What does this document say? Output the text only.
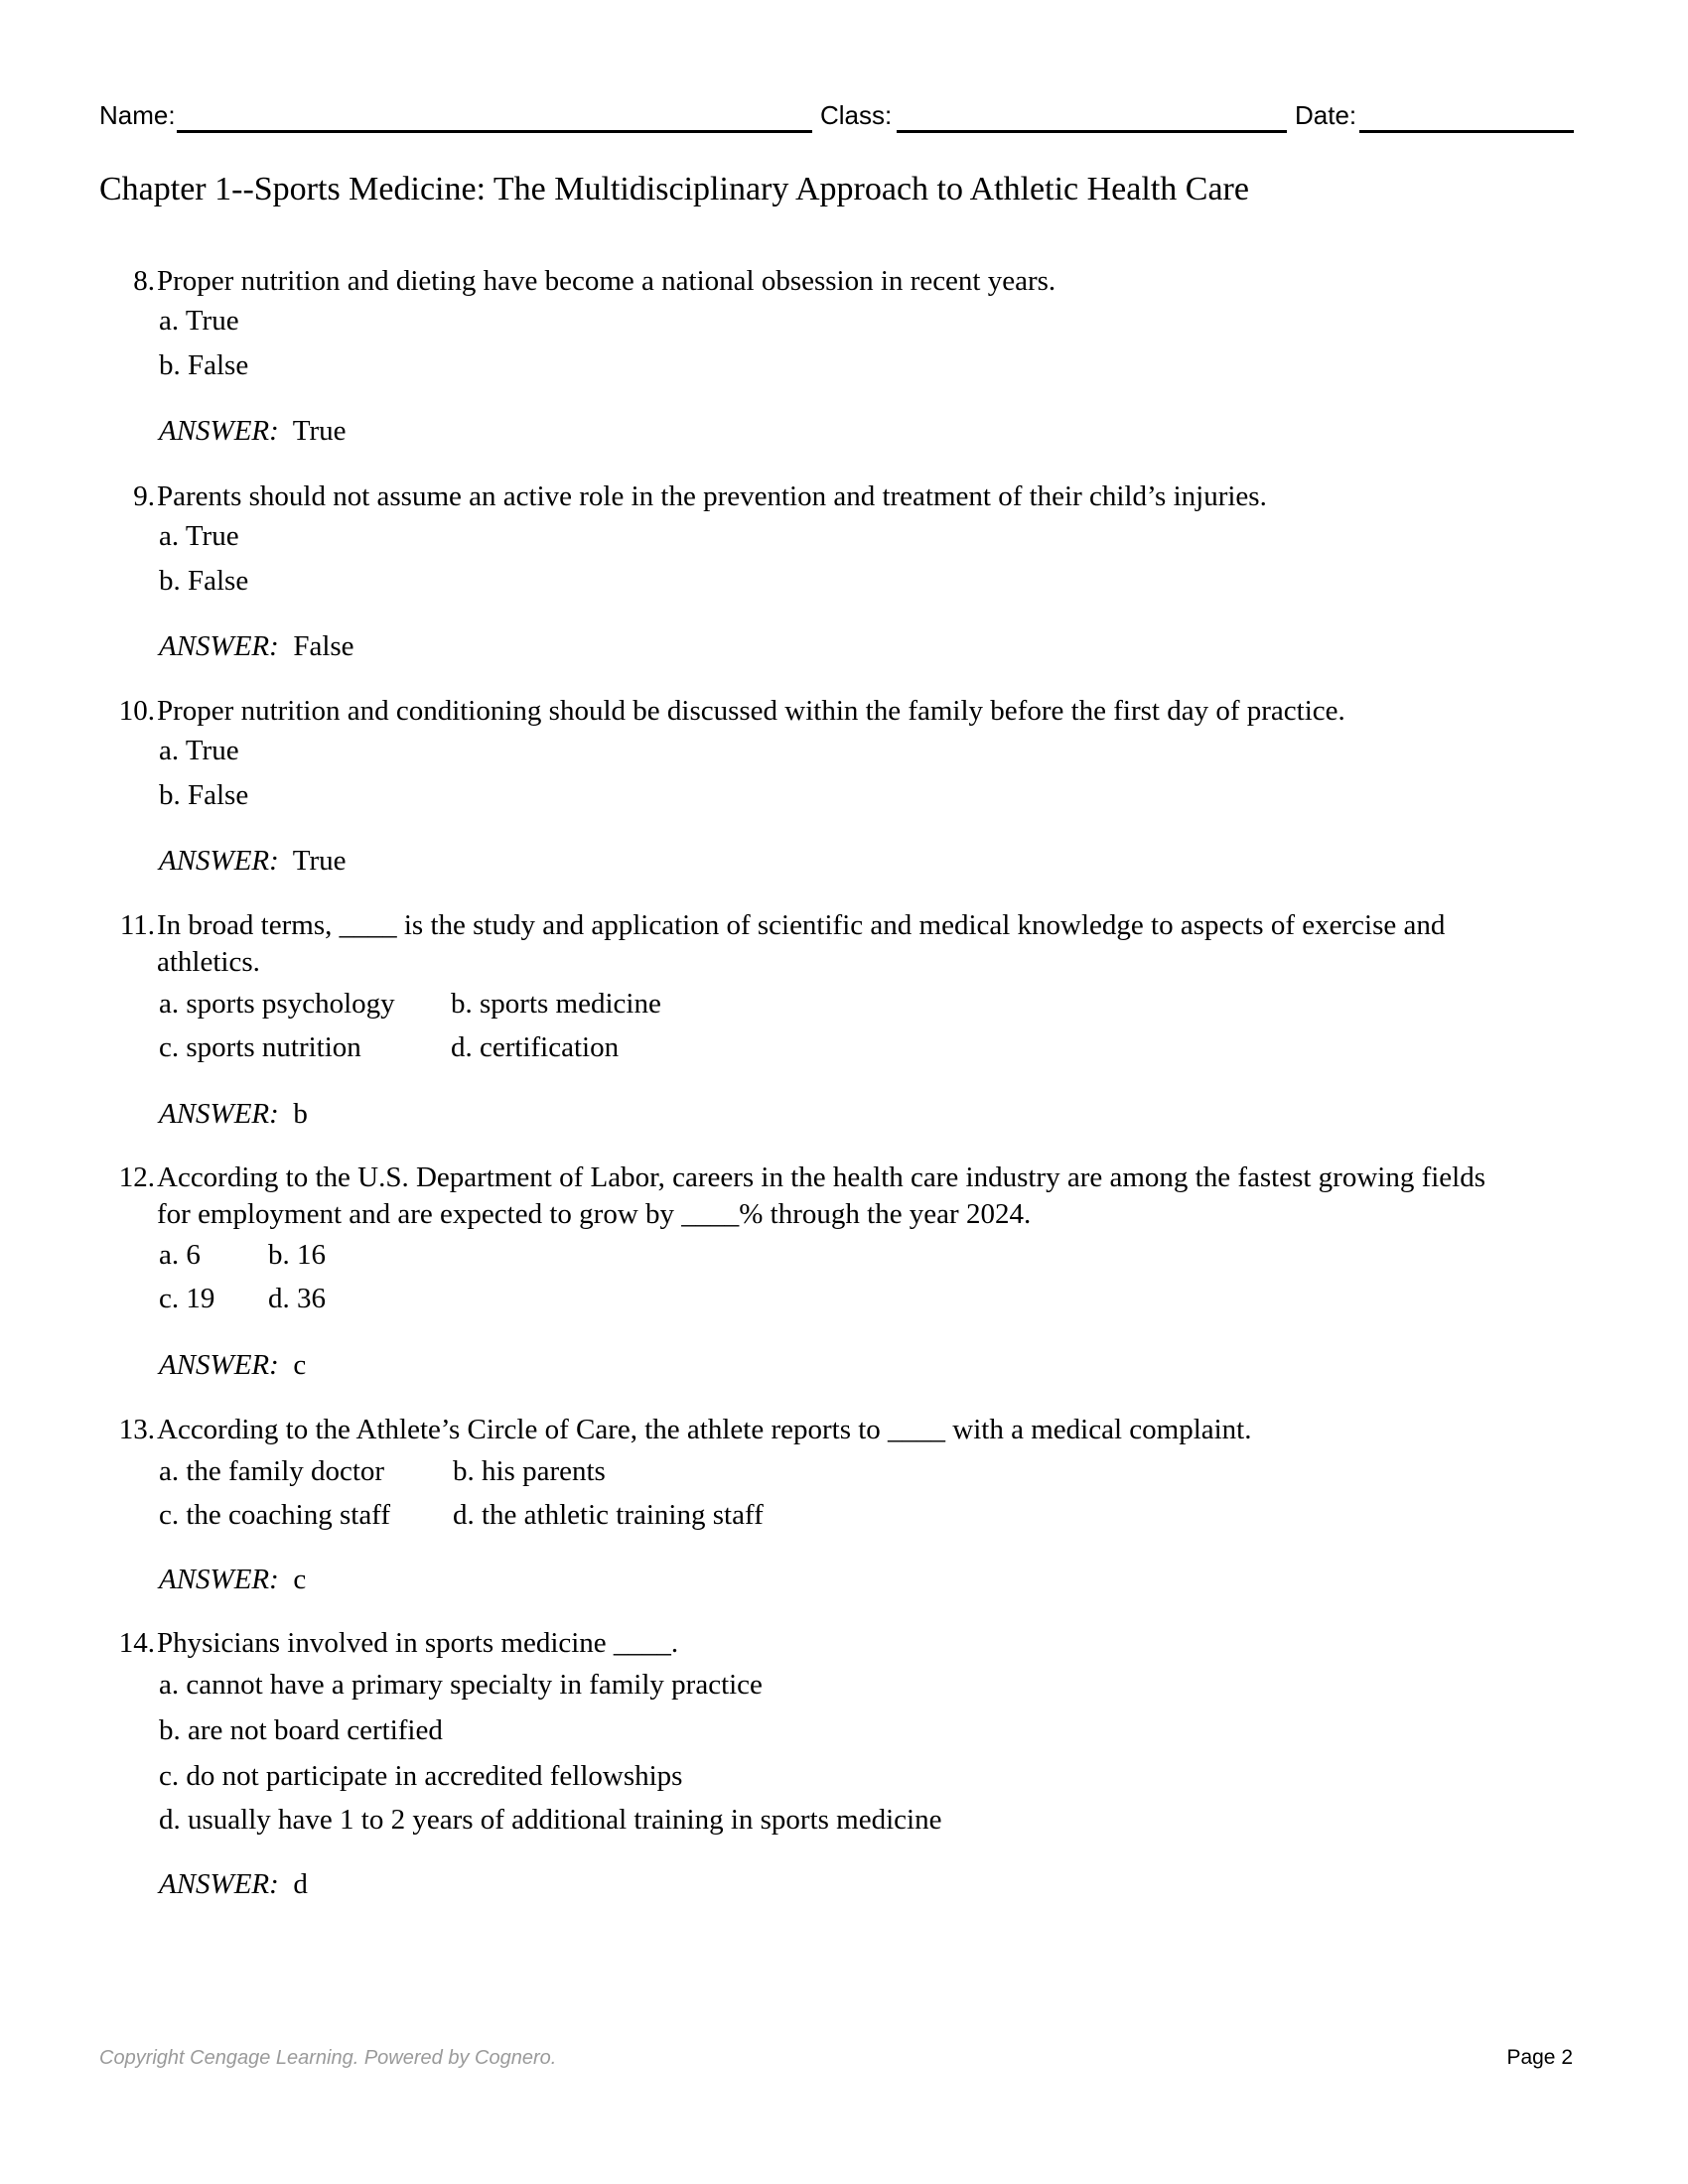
Name:	Class:	Date:
Chapter 1--Sports Medicine: The Multidisciplinary Approach to Athletic Health Care
8. Proper nutrition and dieting have become a national obsession in recent years.
a. True
b. False
ANSWER: True
9. Parents should not assume an active role in the prevention and treatment of their child’s injuries.
a. True
b. False
ANSWER: False
10. Proper nutrition and conditioning should be discussed within the family before the first day of practice.
a. True
b. False
ANSWER: True
11. In broad terms, ____ is the study and application of scientific and medical knowledge to aspects of exercise and
athletics.
a. sports psychology b. sports medicine
c. sports nutrition	d. certification
ANSWER: b
12. According to the U.S. Department of Labor, careers in the health care industry are among the fastest growing fields
for employment and are expected to grow by ____% through the year 2024.
a. 6 b. 16
c. 19 d. 36
ANSWER: c
13. According to the Athlete’s Circle of Care, the athlete reports to ____ with a medical complaint.
a. the family doctor b. his parents
c. the coaching staff d. the athletic training staff
ANSWER: c
14. Physicians involved in sports medicine ____.
a. cannot have a primary specialty in family practice
b. are not board certified
c. do not participate in accredited fellowships
d. usually have 1 to 2 years of additional training in sports medicine
ANSWER: d
Copyright Cengage Learning. Powered by Cognero.	Page 2
